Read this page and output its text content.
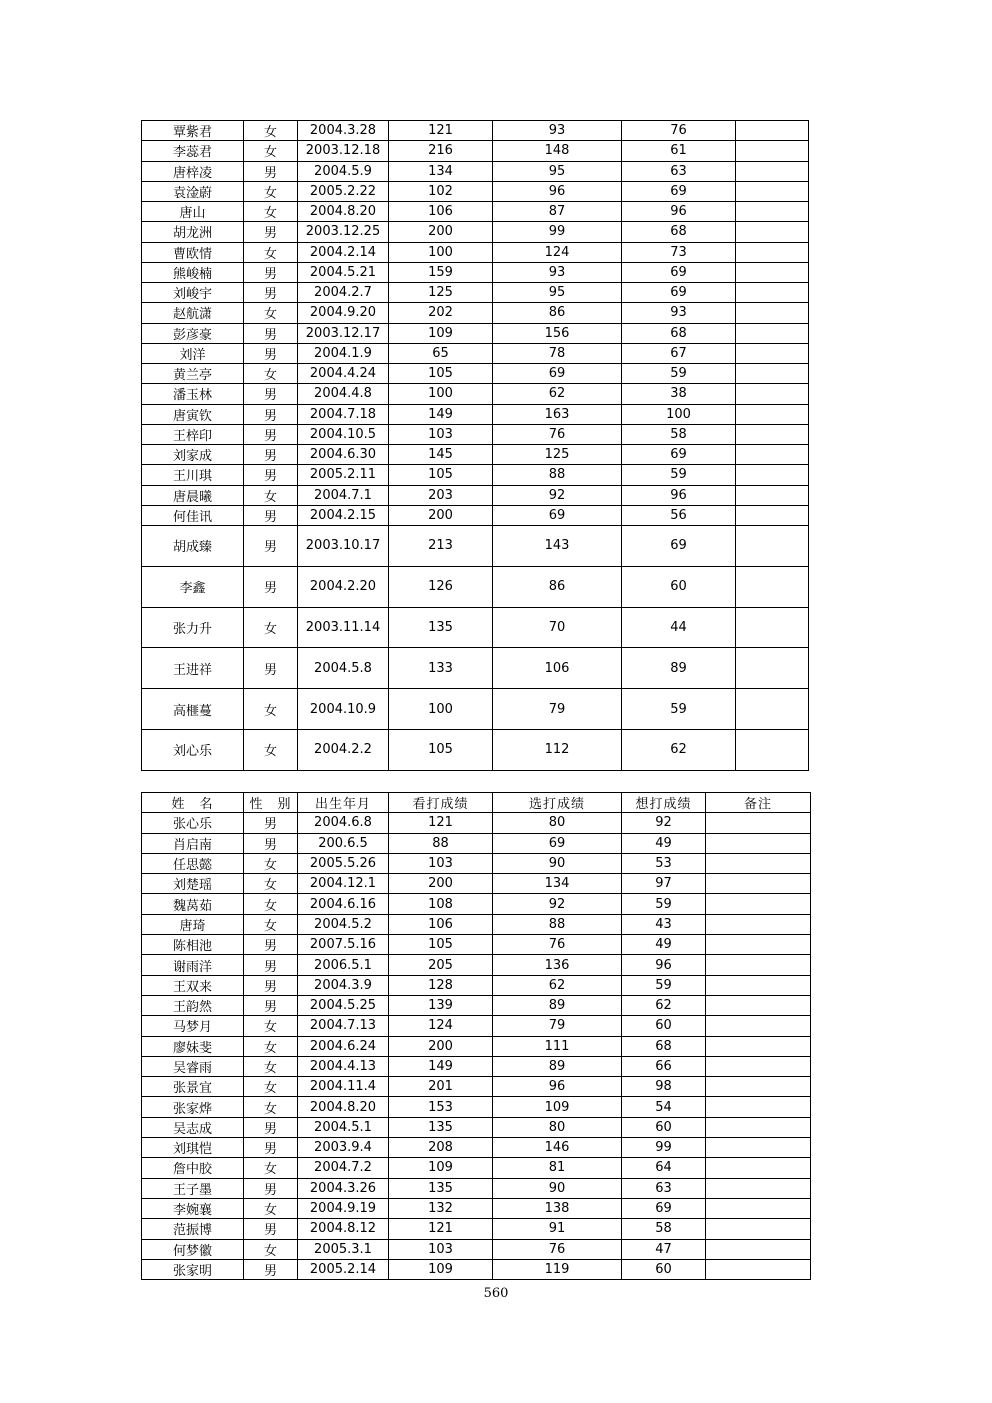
覃紫君	女	2004.3.28	121	93	76	
李蕊君	女	2003.12.18	216	148	61	
唐梓凌	男	2004.5.9	134	95	63	
袁淦蔚	女	2005.2.22	102	96	69	
唐山	女	2004.8.20	106	87	96	
胡龙洲	男	2003.12.25	200	99	68	
曹欧情	女	2004.2.14	100	124	73	
熊峻楠	男	2004.5.21	159	93	69	
刘峻宇	男	2004.2.7	125	95	69	
赵航潇	女	2004.9.20	202	86	93	
彭彦豪	男	2003.12.17	109	156	68	
刘洋	男	2004.1.9	65	78	67	
黄兰亭	女	2004.4.24	105	69	59	
潘玉林	男	2004.4.8	100	62	38	
唐寅钦	男	2004.7.18	149	163	100	
王梓印	男	2004.10.5	103	76	58	
刘家成	男	2004.6.30	145	125	69	
王川琪	男	2005.2.11	105	88	59	
唐晨曦	女	2004.7.1	203	92	96	
何佳讯	男	2004.2.15	200	69	56	
胡成臻	男	2003.10.17	213	143	69	
李鑫	男	2004.2.20	126	86	60	
张力升	女	2003.11.14	135	70	44	
王进祥	男	2004.5.8	133	106	89	
高榧蔓	女	2004.10.9	100	79	59	
刘心乐	女	2004.2.2	105	112	62	
姓　名	性　别	出生年月	看打成绩	选打成绩	想打成绩	备注
张心乐	男	2004.6.8	121	80	92	
肖启南	男	200.6.5	88	69	49	
任思懿	女	2005.5.26	103	90	53	
刘楚瑶	女	2004.12.1	200	134	97	
魏莴茹	女	2004.6.16	108	92	59	
唐琦	女	2004.5.2	106	88	43	
陈相池	男	2007.5.16	105	76	49	
谢雨洋	男	2006.5.1	205	136	96	
王双来	男	2004.3.9	128	62	59	
王韵然	男	2004.5.25	139	89	62	
马梦月	女	2004.7.13	124	79	60	
廖妹斐	女	2004.6.24	200	111	68	
吴睿雨	女	2004.4.13	149	89	66	
张景宜	女	2004.11.4	201	96	98	
张家烨	女	2004.8.20	153	109	54	
吴志成	男	2004.5.1	135	80	60	
刘琪恺	男	2003.9.4	208	146	99	
詹中胶	女	2004.7.2	109	81	64	
王子墨	男	2004.3.26	135	90	63	
李婉襄	女	2004.9.19	132	138	69	
范振博	男	2004.8.12	121	91	58	
何梦徽	女	2005.3.1	103	76	47	
张家明	男	2005.2.14	109	119	60	
560
